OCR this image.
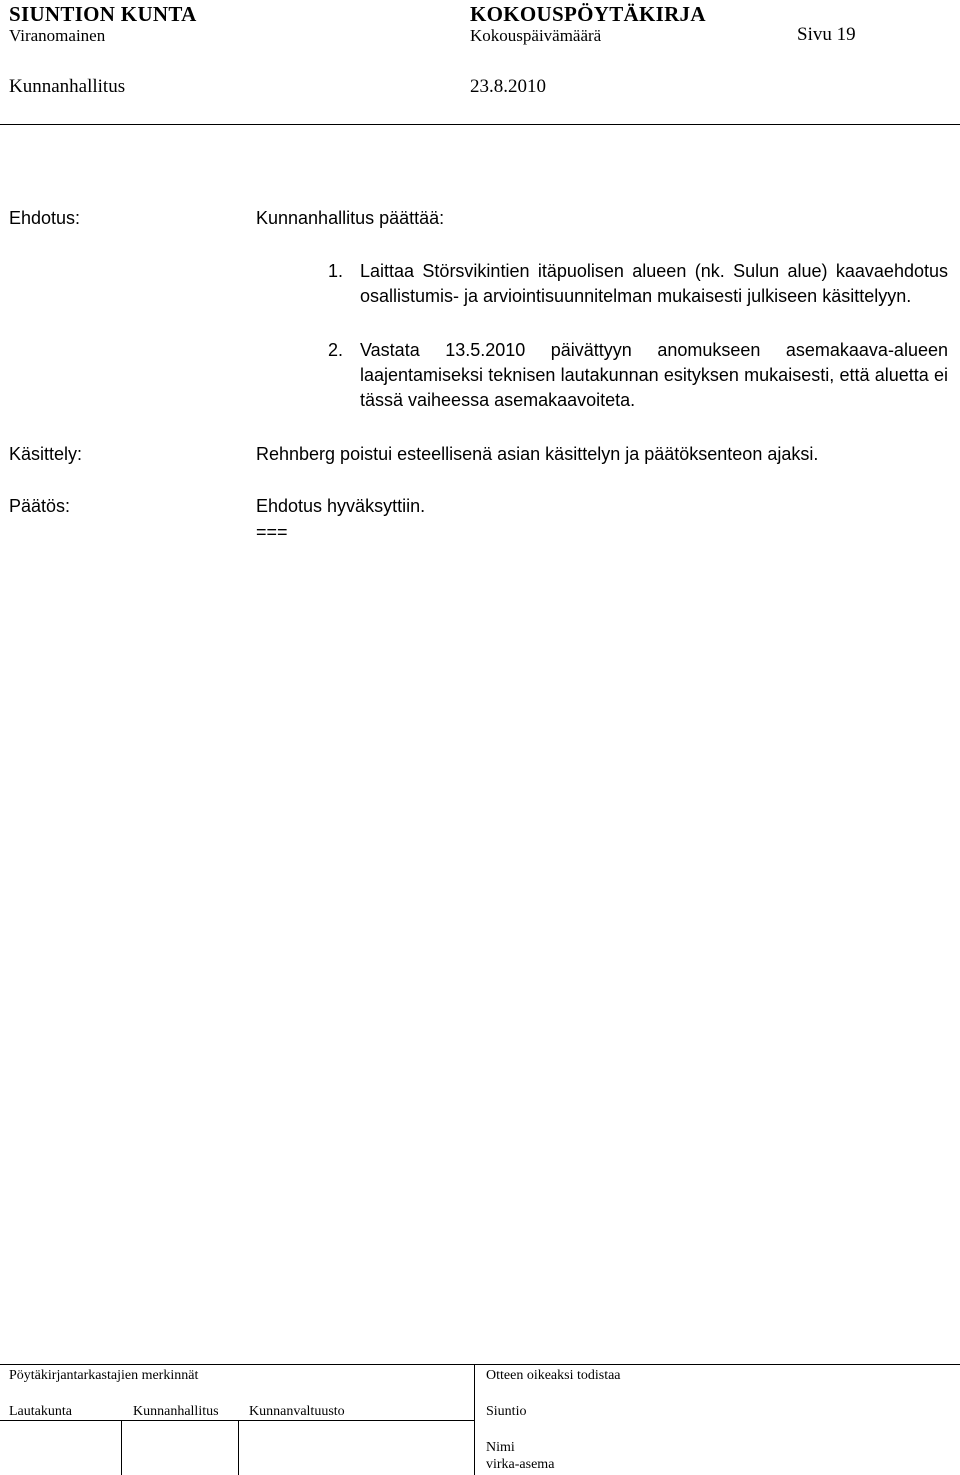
SIUNTION KUNTA	KOKOUSPÖYTÄKIRJA
Viranomainen	Kokouspäivämäärä	Sivu 19
Kunnanhallitus	23.8.2010
Ehdotus:	Kunnanhallitus päättää:
1. Laittaa Störsvikintien itäpuolisen alueen (nk. Sulun alue) kaavaehdotus osallistumis- ja arviointisuunnitelman mukaisesti julkiseen käsittelyyn.
2. Vastata 13.5.2010 päivättyyn anomukseen asemakaava-alueen laajentamiseksi teknisen lautakunnan esityksen mukaisesti, että aluetta ei tässä vaiheessa asemakaavoiteta.
Käsittely:	Rehnberg poistui esteellisenä asian käsittelyn ja päätöksenteon ajaksi.
Päätös:	Ehdotus hyväksyttiin.
===
Pöytäkirjantarkastajien merkinnät	Otteen oikeaksi todistaa
Lautakunta	Kunnanhallitus Kunnanvaltuusto	Siuntio
Nimi
virka-asema
